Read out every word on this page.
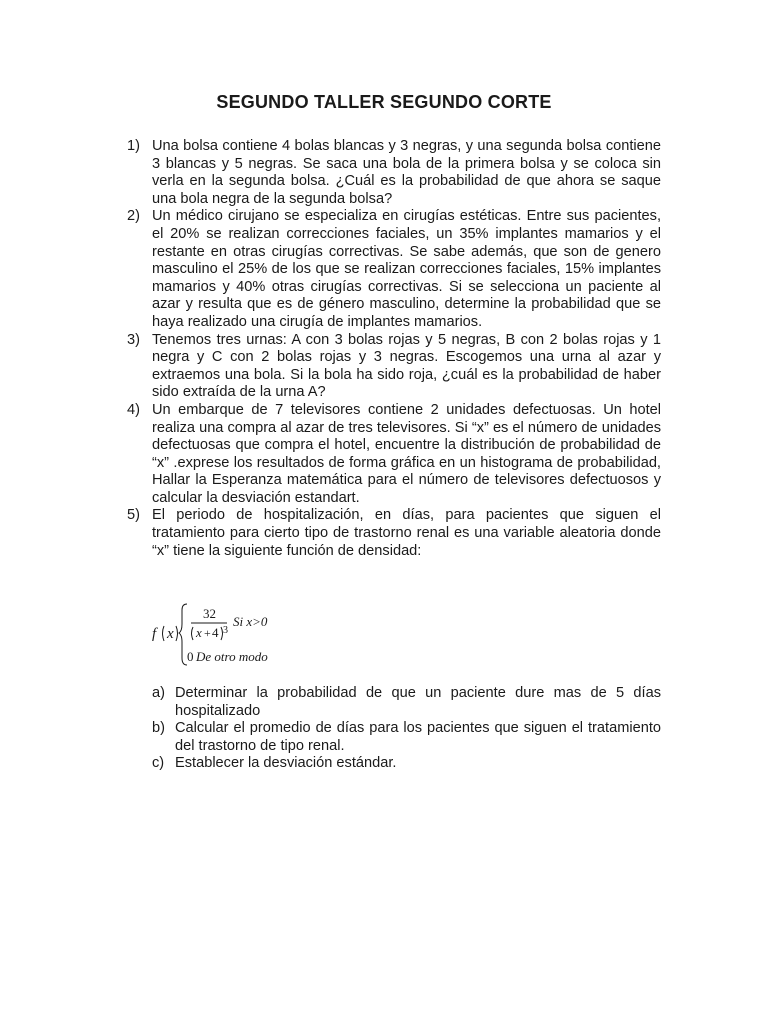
SEGUNDO TALLER SEGUNDO CORTE
1) Una bolsa contiene 4 bolas blancas y 3 negras, y una segunda bolsa contiene 3 blancas y 5 negras. Se saca una bola de la primera bolsa y se coloca sin verla en la segunda bolsa. ¿Cuál es la probabilidad de que ahora se saque una bola negra de la segunda bolsa?
2) Un médico cirujano se especializa en cirugías estéticas. Entre sus pacientes, el 20% se realizan correcciones faciales, un 35% implantes mamarios y el restante en otras cirugías correctivas. Se sabe además, que son de genero masculino el 25% de los que se realizan correcciones faciales, 15% implantes mamarios y 40% otras cirugías correctivas. Si se selecciona un paciente al azar y resulta que es de género masculino, determine la probabilidad que se haya realizado una cirugía de implantes mamarios.
3) Tenemos tres urnas: A con 3 bolas rojas y 5 negras, B con 2 bolas rojas y 1 negra y C con 2 bolas rojas y 3 negras. Escogemos una urna al azar y extraemos una bola. Si la bola ha sido roja, ¿cuál es la probabilidad de haber sido extraída de la urna A?
4) Un embarque de 7 televisores contiene 2 unidades defectuosas. Un hotel realiza una compra al azar de tres televisores. Si “x” es el número de unidades defectuosas que compra el hotel, encuentre la distribución de probabilidad de “x” .exprese los resultados de forma gráfica en un histograma de probabilidad, Hallar la Esperanza matemática para el número de televisores defectuosos y calcular la desviación estandart.
5) El periodo de hospitalización, en días, para pacientes que siguen el tratamiento para cierto tipo de trastorno renal es una variable aleatoria donde “x” tiene la siguiente función de densidad:
f x
32
x + 4 3
Si x>0
0 De otro modo
a) Determinar la probabilidad de que un paciente dure mas de 5 días hospitalizado
b) Calcular el promedio de días para los pacientes que siguen el tratamiento del trastorno de tipo renal.
c) Establecer la desviación estándar.
